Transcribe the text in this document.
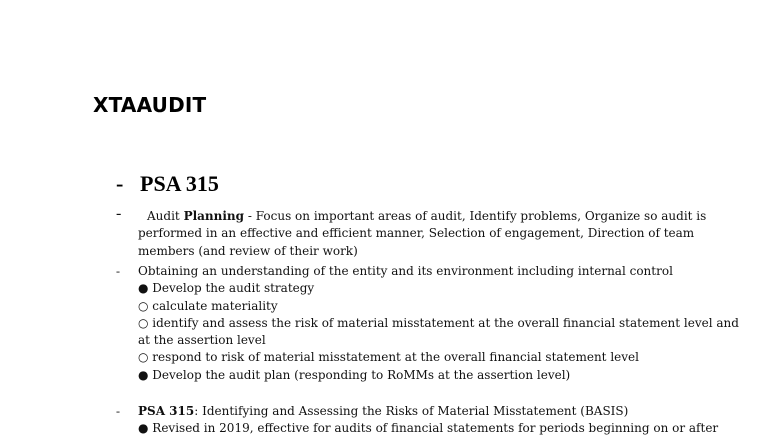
XTAAUDIT
- PSA 315
-	Audit Planning - Focus on important areas of audit, Identify problems, Organize so audit is
performed in an effective and efficient manner, Selection of engagement, Direction of team
members (and review of their work)
- Obtaining an understanding of the entity and its environment including internal control
● Develop the audit strategy
○ calculate materiality
○ identify and assess the risk of material misstatement at the overall financial statement level and
at the assertion level
○ respond to risk of material misstatement at the overall financial statement level
● Develop the audit plan (responding to RoMMs at the assertion level)
- PSA 315: Identifying and Assessing the Risks of Material Misstatement (BASIS)
● Revised in 2019, effective for audits of financial statements for periods beginning on or after
